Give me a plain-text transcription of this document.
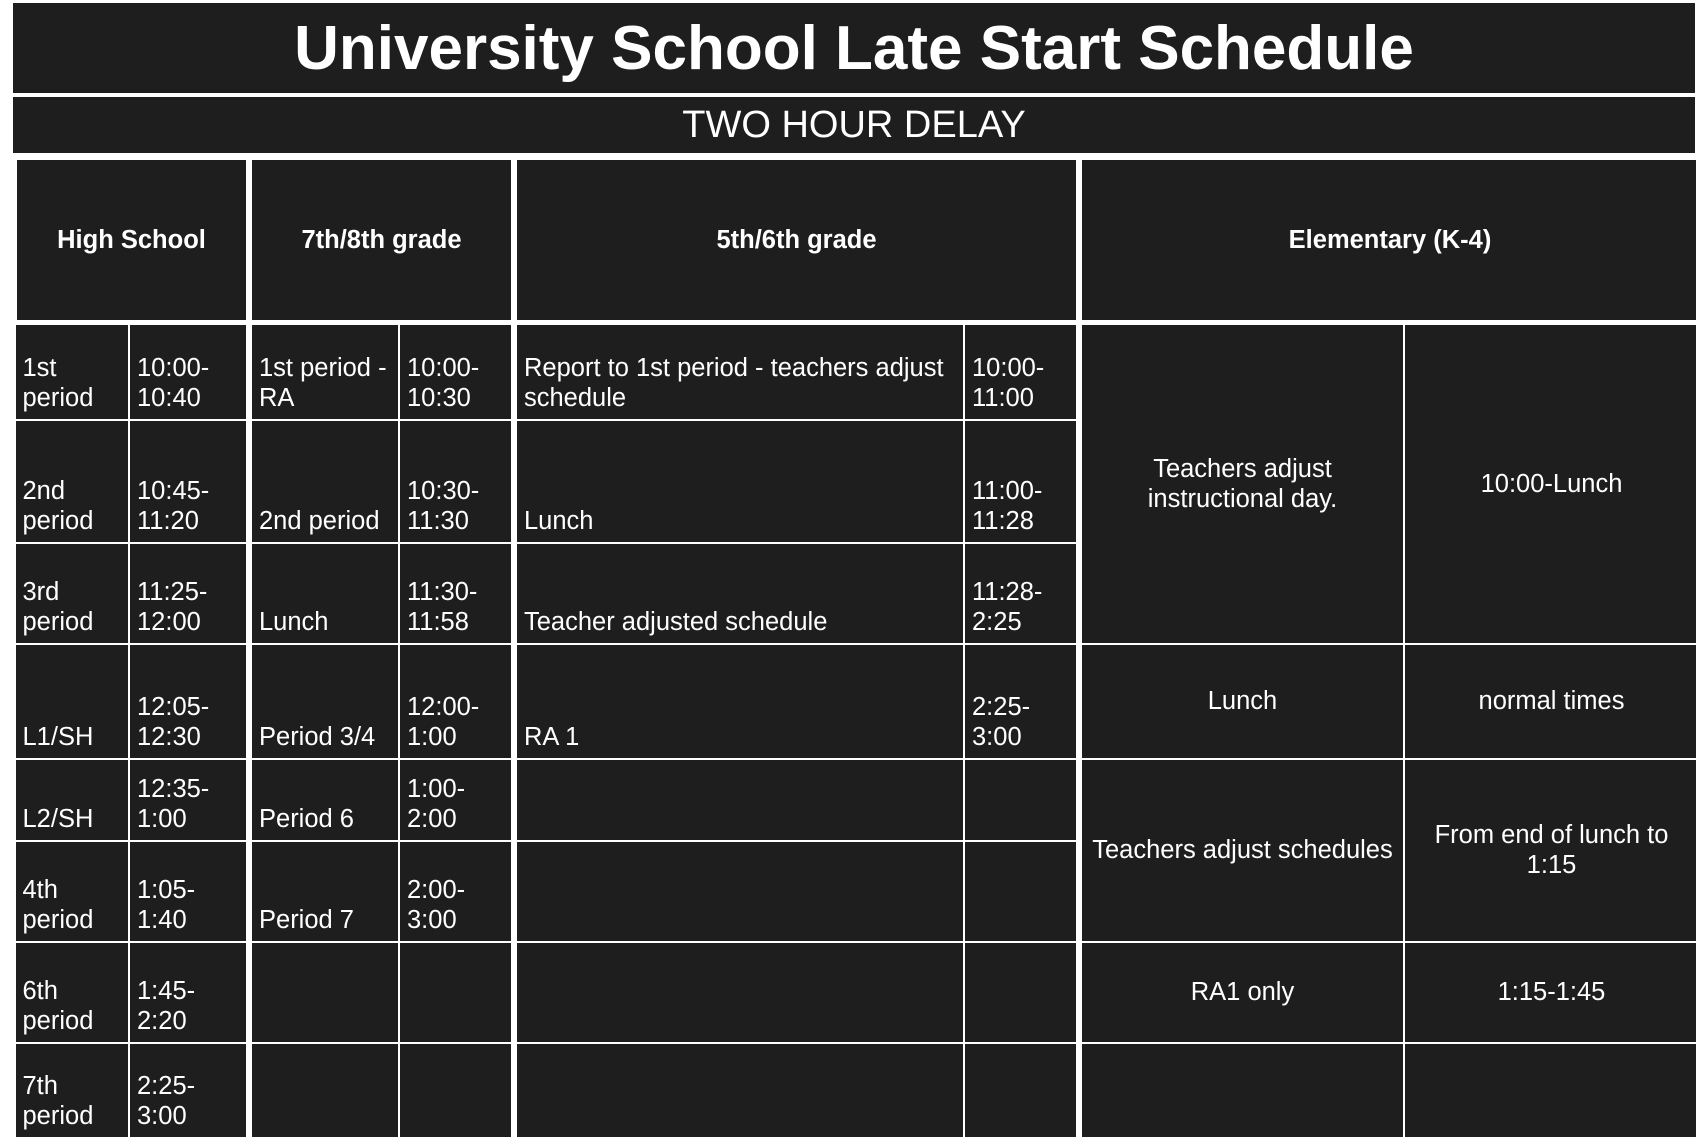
University School Late Start Schedule
TWO HOUR DELAY
High School		7th/8th grade		5th/6th grade		Elementary (K-4)	
1st period	10:00-10:40	1st period - RA	10:00-10:30	Report to 1st period - teachers adjust schedule	10:00-11:00	Teachers adjust instructional day.	10:00-Lunch
2nd period	10:45-11:20	2nd period	10:30-11:30	Lunch	11:00-11:28		
3rd period	11:25-12:00	Lunch	11:30-11:58	Teacher adjusted schedule	11:28-2:25		
L1/SH	12:05-12:30	Period 3/4	12:00-1:00	RA 1	2:25-3:00	Lunch	normal times
L2/SH	12:35-1:00	Period 6	1:00-2:00			Teachers adjust schedules	From end of lunch to 1:15
4th period	1:05-1:40	Period 7	2:00-3:00				
6th period	1:45-2:20					RA1 only	1:15-1:45
7th period	2:25-3:00						
